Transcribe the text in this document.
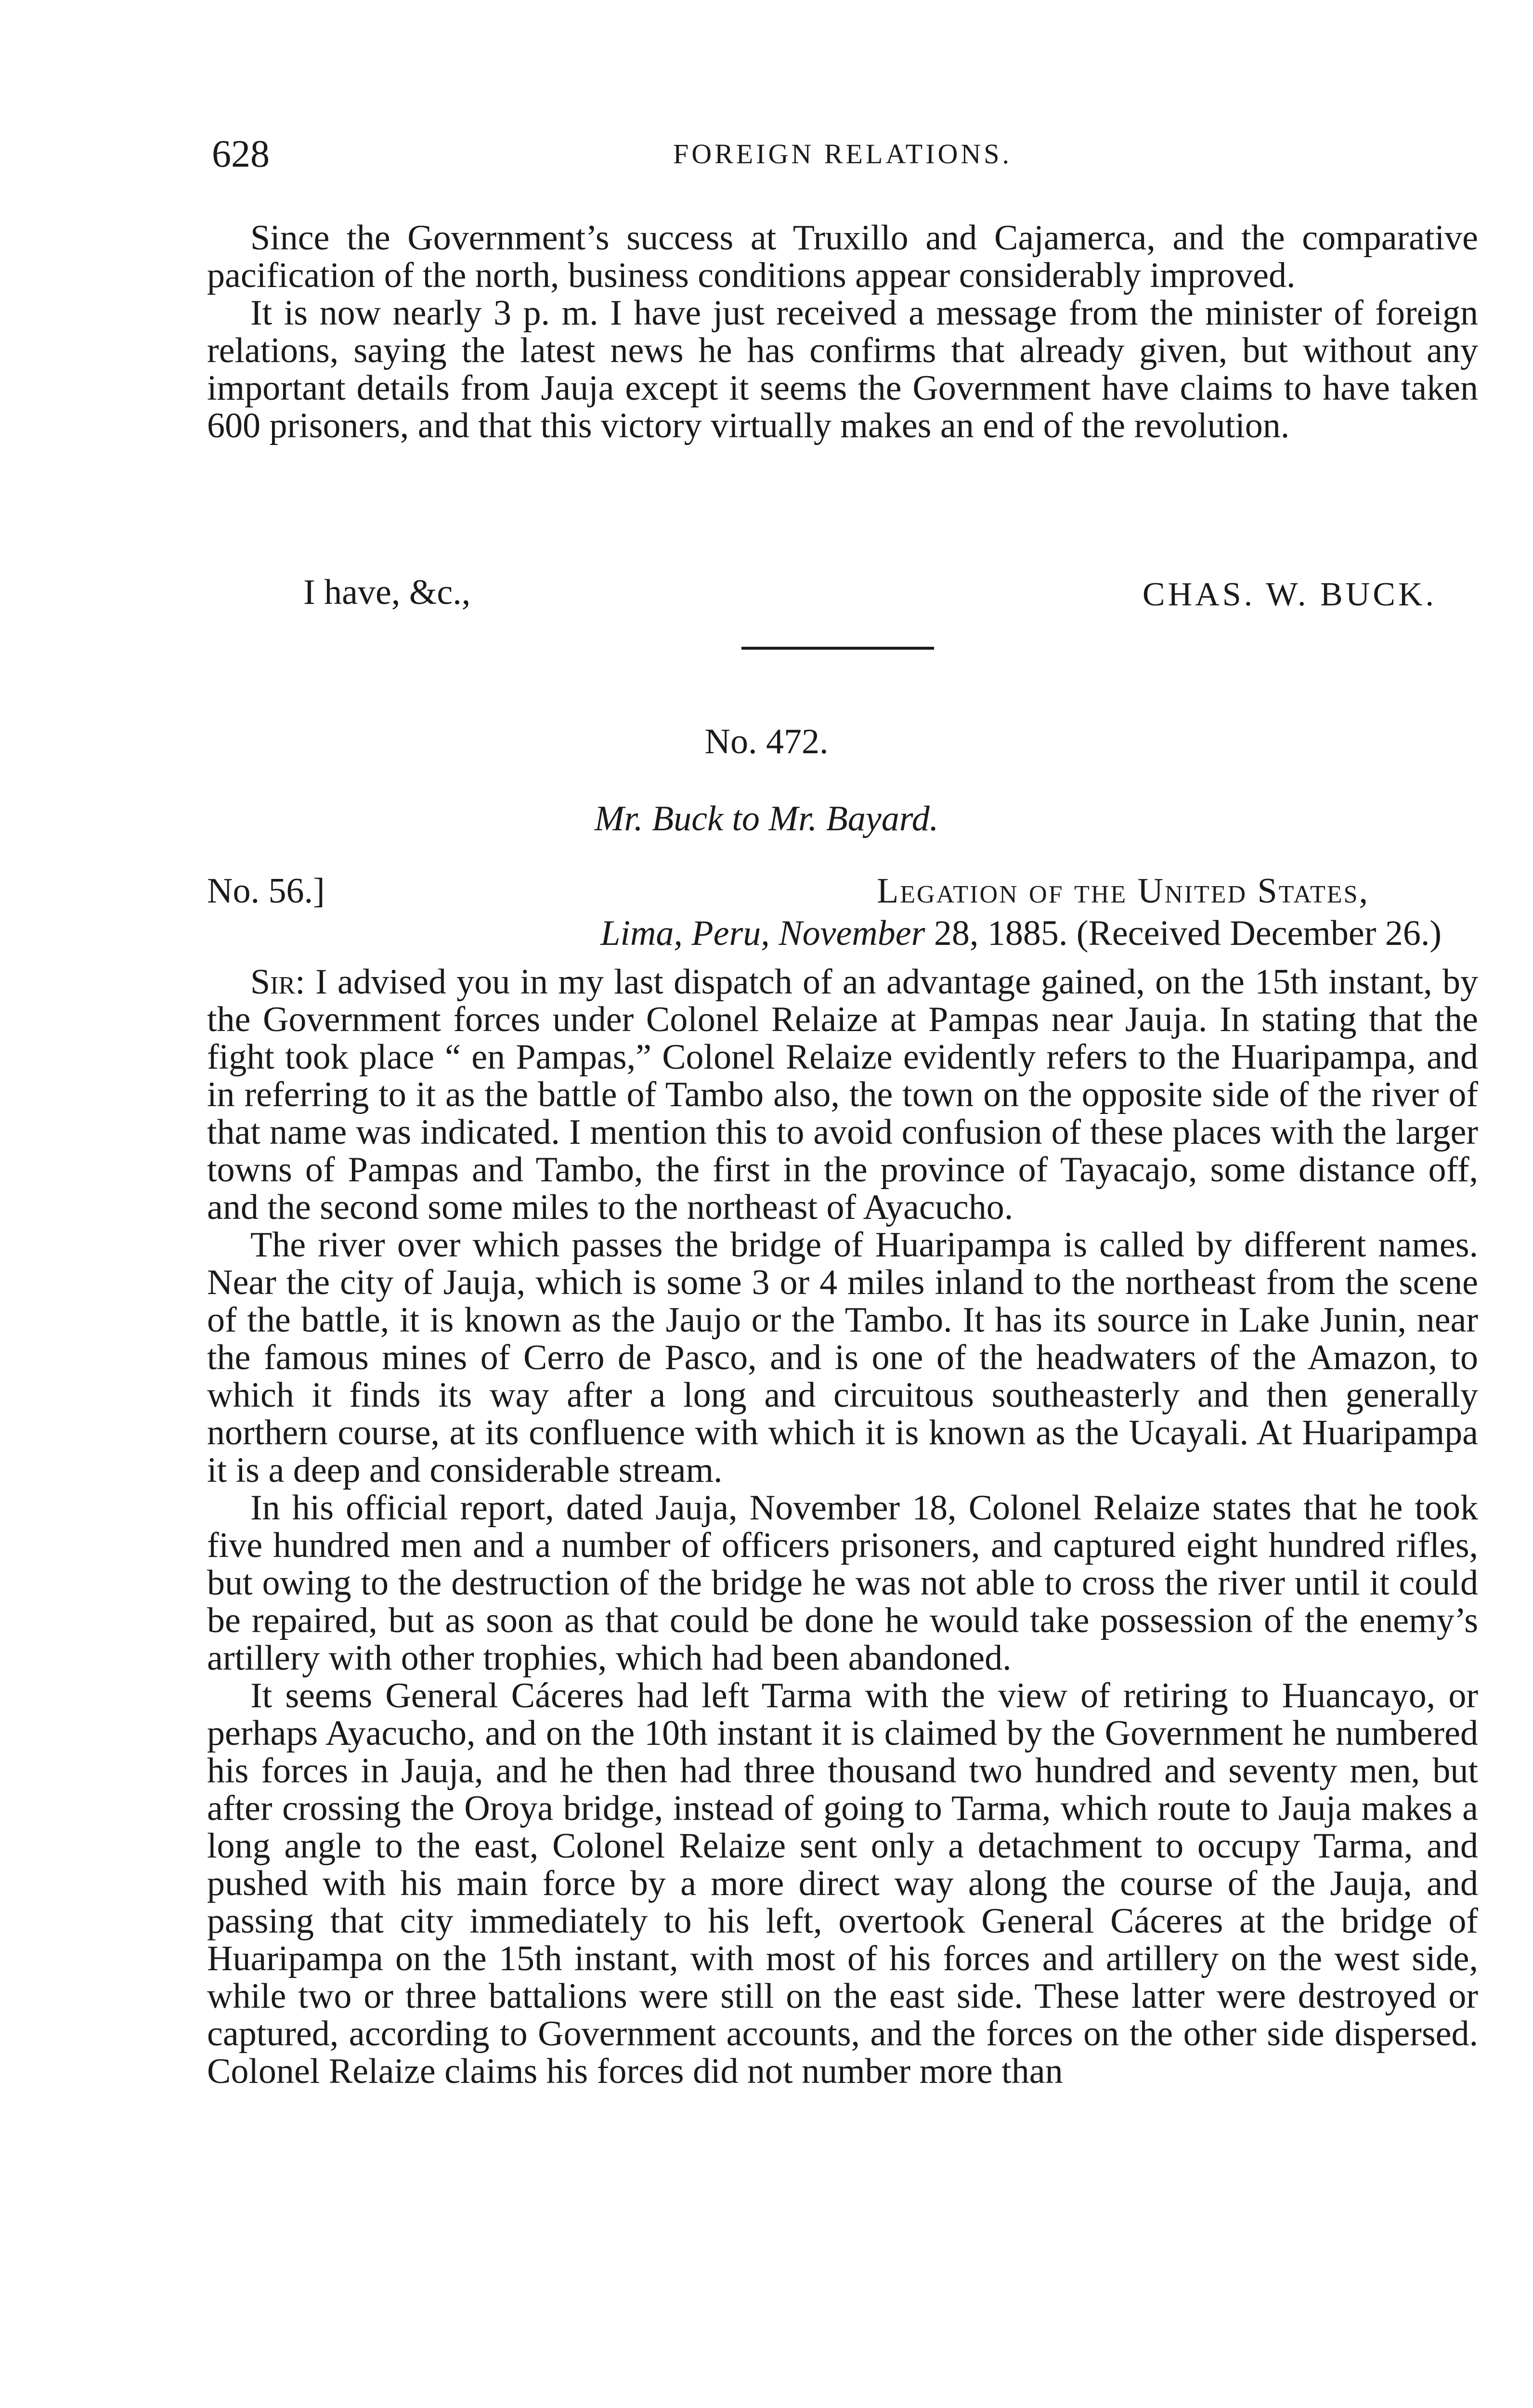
628	FOREIGN RELATIONS.

Since the Government’s success at Truxillo and Cajamerca, and the comparative pacification of the north, business conditions appear considerably improved.

It is now nearly 3 p. m. I have just received a message from the minister of foreign relations, saying the latest news he has confirms that already given, but without any important details from Jauja except it seems the Government have claims to have taken 600 prisoners, and that this victory virtually makes an end of the revolution.

I have, &c.,	CHAS. W. BUCK.
No. 472.
Mr. Buck to Mr. Bayard.
No. 56.]	Legation of the United States,
Lima, Peru, November 28, 1885. (Received December 26.)

Sir: I advised you in my last dispatch of an advantage gained, on the 15th instant, by the Government forces under Colonel Relaize at Pampas near Jauja. In stating that the fight took place “ en Pampas,” Colonel Relaize evidently refers to the Huaripampa, and in referring to it as the battle of Tambo also, the town on the opposite side of the river of that name was indicated. I mention this to avoid confusion of these places with the larger towns of Pampas and Tambo, the first in the province of Tayacajo, some distance off, and the second some miles to the northeast of Ayacucho.

The river over which passes the bridge of Huaripampa is called by different names. Near the city of Jauja, which is some 3 or 4 miles inland to the northeast from the scene of the battle, it is known as the Jaujo or the Tambo. It has its source in Lake Junin, near the famous mines of Cerro de Pasco, and is one of the headwaters of the Amazon, to which it finds its way after a long and circuitous southeasterly and then generally northern course, at its confluence with which it is known as the Ucayali. At Huaripampa it is a deep and considerable stream.

In his official report, dated Jauja, November 18, Colonel Relaize states that he took five hundred men and a number of officers prisoners, and captured eight hundred rifles, but owing to the destruction of the bridge he was not able to cross the river until it could be repaired, but as soon as that could be done he would take possession of the enemy’s artillery with other trophies, which had been abandoned.

It seems General Cáceres had left Tarma with the view of retiring to Huancayo, or perhaps Ayacucho, and on the 10th instant it is claimed by the Government he numbered his forces in Jauja, and he then had three thousand two hundred and seventy men, but after crossing the Oroya bridge, instead of going to Tarma, which route to Jauja makes a long angle to the east, Colonel Relaize sent only a detachment to occupy Tarma, and pushed with his main force by a more direct way along the course of the Jauja, and passing that city immediately to his left, overtook General Cáceres at the bridge of Huaripampa on the 15th instant, with most of his forces and artillery on the west side, while two or three battalions were still on the east side. These latter were destroyed or captured, according to Government accounts, and the forces on the other side dispersed. Colonel Relaize claims his forces did not number more than
